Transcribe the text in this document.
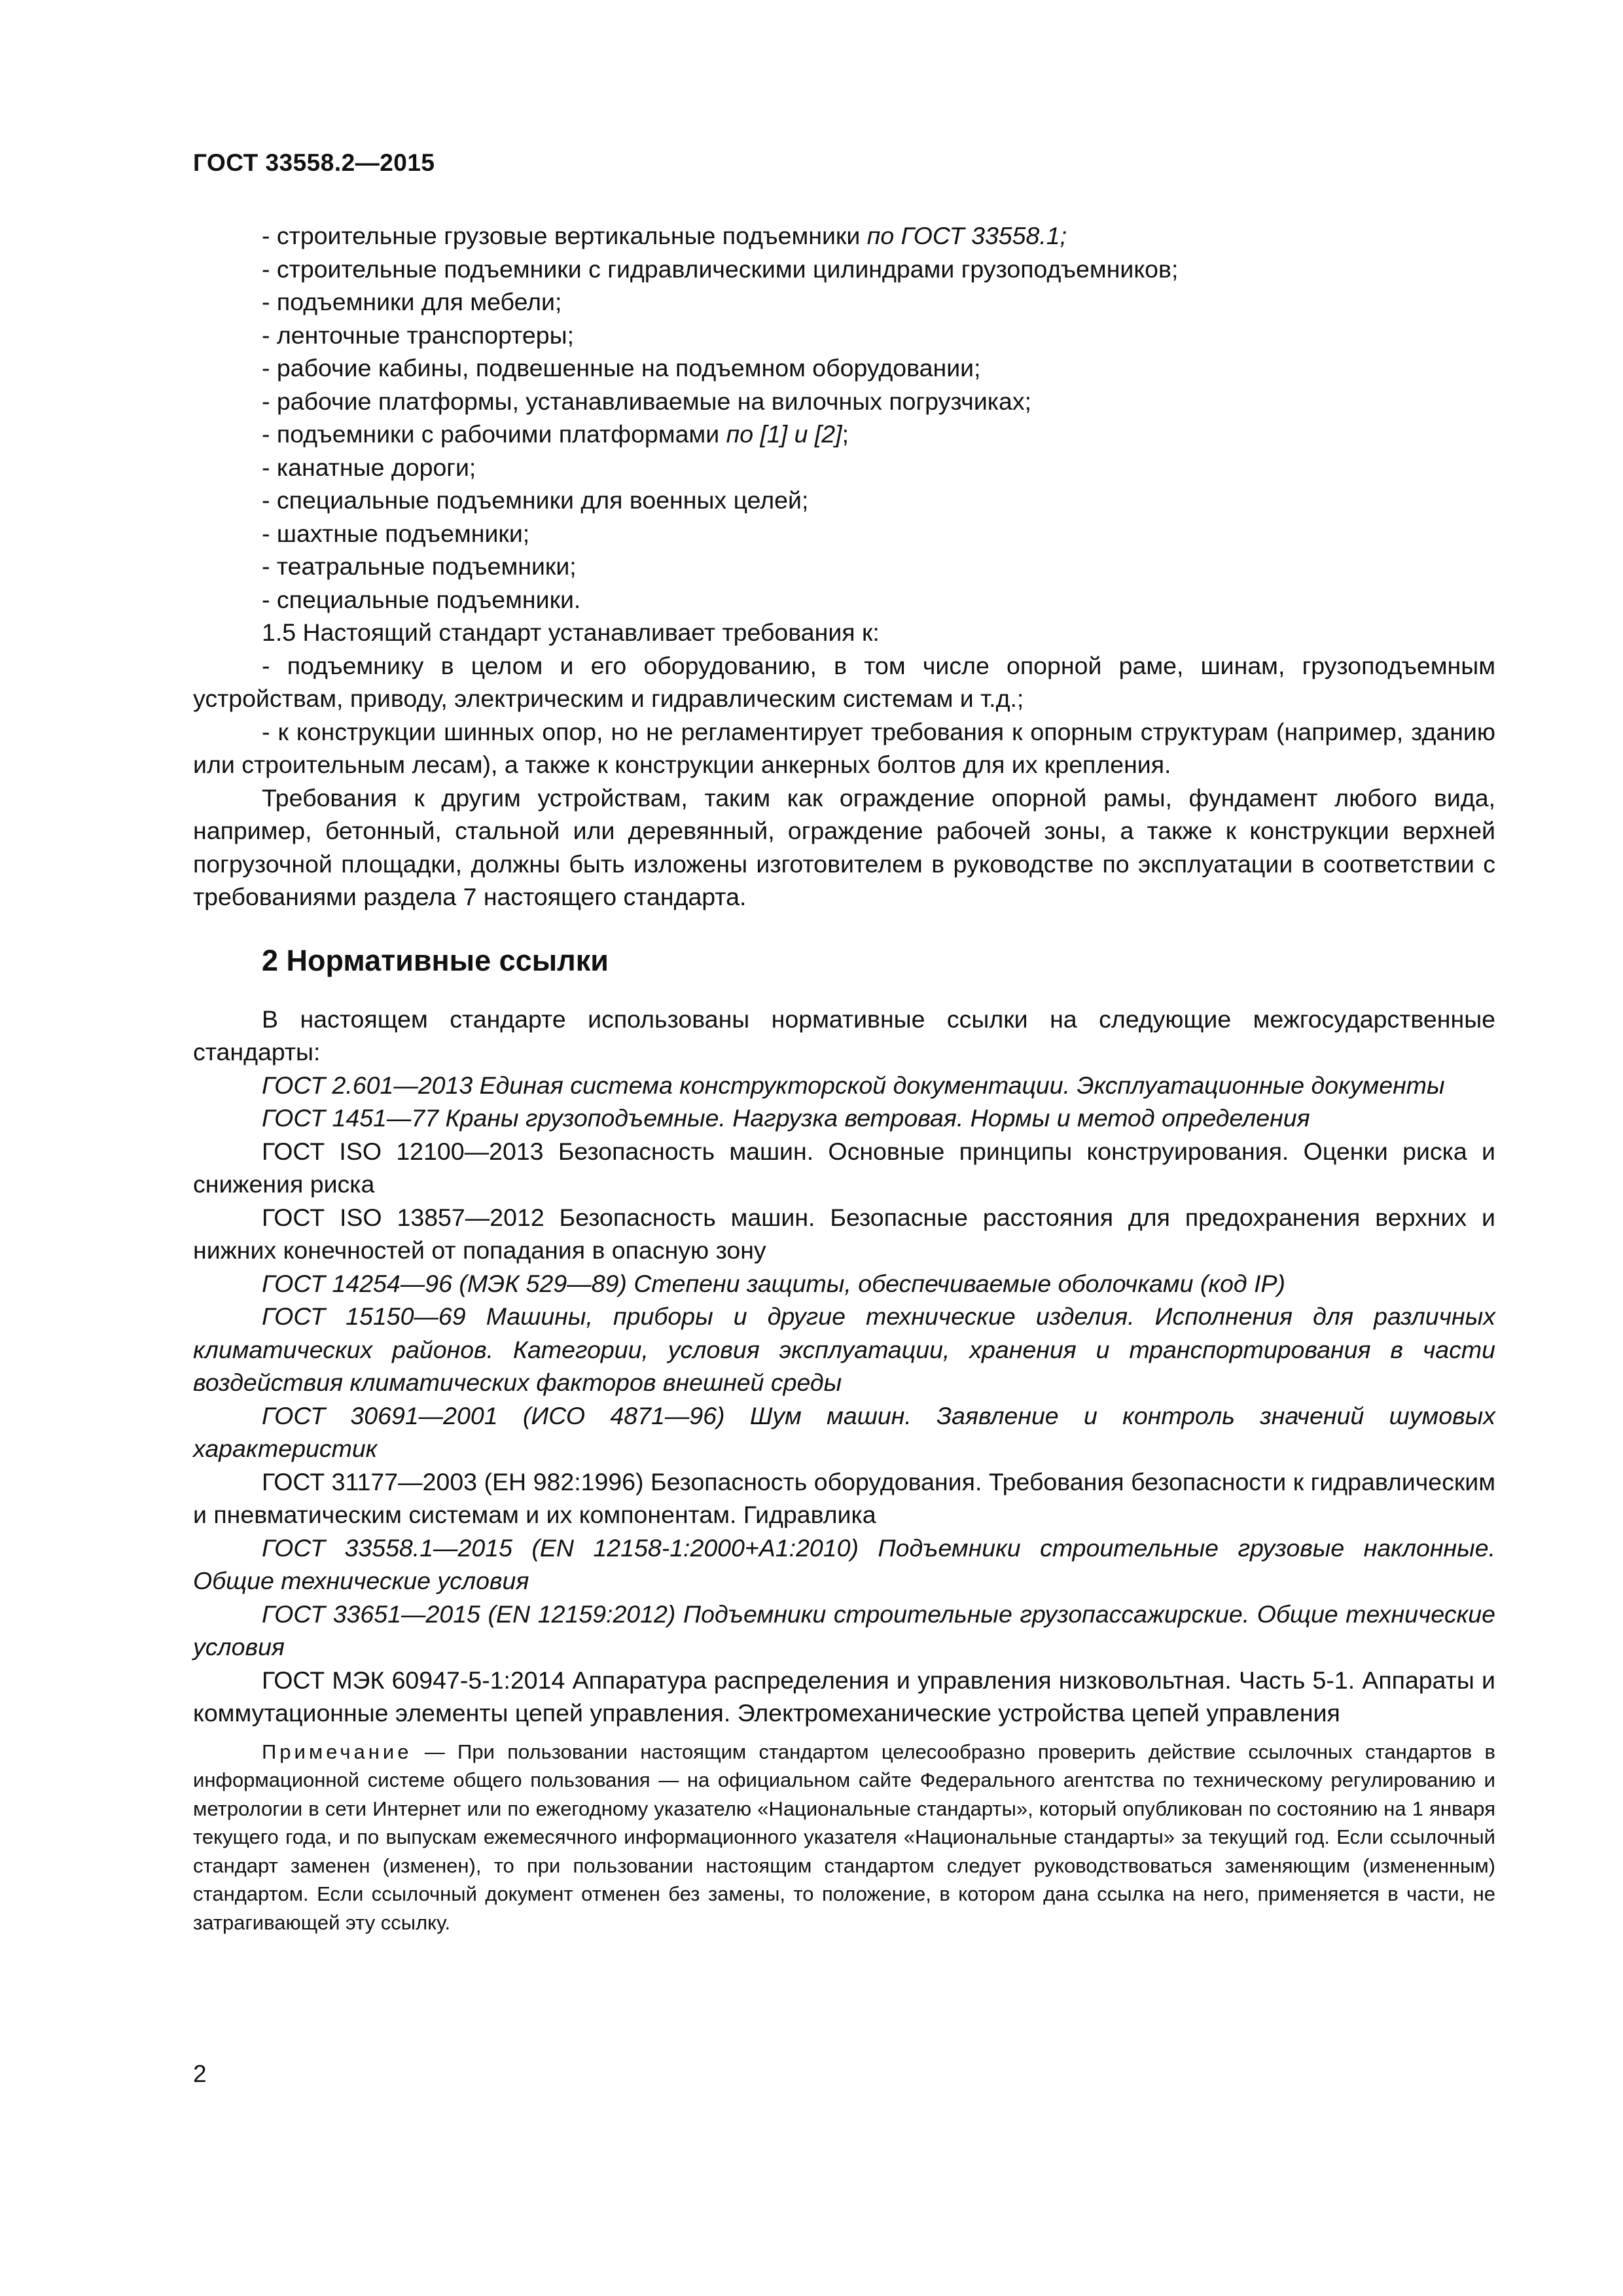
ГОСТ 33558.2—2015

- строительные грузовые вертикальные подъемники по ГОСТ 33558.1;

- строительные подъемники с гидравлическими цилиндрами грузоподъемников;

- подъемники для мебели;

- ленточные транспортеры;

- рабочие кабины, подвешенные на подъемном оборудовании;

- рабочие платформы, устанавливаемые на вилочных погрузчиках;

- подъемники с рабочими платформами по [1] и [2];

- канатные дороги;

- специальные подъемники для военных целей;

- шахтные подъемники;

- театральные подъемники;

- специальные подъемники.

1.5 Настоящий стандарт устанавливает требования к:

- подъемнику в целом и его оборудованию, в том числе опорной раме, шинам, грузоподъемным устройствам, приводу, электрическим и гидравлическим системам и т.д.;

- к конструкции шинных опор, но не регламентирует требования к опорным структурам (например, зданию или строительным лесам), а также к конструкции анкерных болтов для их крепления.

Требования к другим устройствам, таким как ограждение опорной рамы, фундамент любого вида, например, бетонный, стальной или деревянный, ограждение рабочей зоны, а также к конструкции верхней погрузочной площадки, должны быть изложены изготовителем в руководстве по эксплуатации в соответствии с требованиями раздела 7 настоящего стандарта.

2 Нормативные ссылки

В настоящем стандарте использованы нормативные ссылки на следующие межгосударственные стандарты:

ГОСТ 2.601—2013 Единая система конструкторской документации. Эксплуатационные документы

ГОСТ 1451—77 Краны грузоподъемные. Нагрузка ветровая. Нормы и метод определения

ГОСТ ISO 12100—2013 Безопасность машин. Основные принципы конструирования. Оценки риска и снижения риска

ГОСТ ISO 13857—2012 Безопасность машин. Безопасные расстояния для предохранения верхних и нижних конечностей от попадания в опасную зону

ГОСТ 14254—96 (МЭК 529—89) Степени защиты, обеспечиваемые оболочками (код IP)

ГОСТ 15150—69 Машины, приборы и другие технические изделия. Исполнения для различных климатических районов. Категории, условия эксплуатации, хранения и транспортирования в части воздействия климатических факторов внешней среды

ГОСТ 30691—2001 (ИСО 4871—96) Шум машин. Заявление и контроль значений шумовых характеристик

ГОСТ 31177—2003 (ЕН 982:1996) Безопасность оборудования. Требования безопасности к гидравлическим и пневматическим системам и их компонентам. Гидравлика

ГОСТ 33558.1—2015 (EN 12158-1:2000+A1:2010) Подъемники строительные грузовые наклонные. Общие технические условия

ГОСТ 33651—2015 (EN 12159:2012) Подъемники строительные грузопассажирские. Общие технические условия

ГОСТ МЭК 60947-5-1:2014 Аппаратура распределения и управления низковольтная. Часть 5-1. Аппараты и коммутационные элементы цепей управления. Электромеханические устройства цепей управления

Примечание — При пользовании настоящим стандартом целесообразно проверить действие ссылочных стандартов в информационной системе общего пользования — на официальном сайте Федерального агентства по техническому регулированию и метрологии в сети Интернет или по ежегодному указателю «Национальные стандарты», который опубликован по состоянию на 1 января текущего года, и по выпускам ежемесячного информационного указателя «Национальные стандарты» за текущий год. Если ссылочный стандарт заменен (изменен), то при пользовании настоящим стандартом следует руководствоваться заменяющим (измененным) стандартом. Если ссылочный документ отменен без замены, то положение, в котором дана ссылка на него, применяется в части, не затрагивающей эту ссылку.

2
